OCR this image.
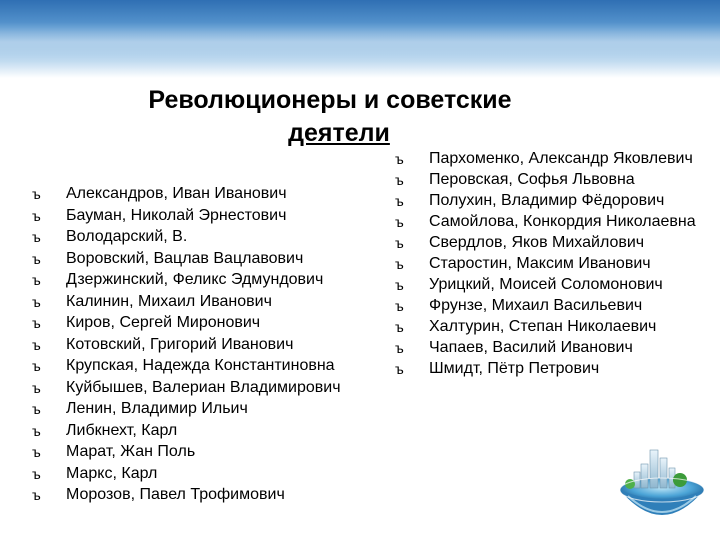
Революционеры и советские
деятели
ъ	Александров, Иван Иванович
ъ	Бауман, Николай Эрнестович
ъ	Володарский, В.
ъ	Воровский, Вацлав Вацлавович
ъ	Дзержинский, Феликс Эдмундович
ъ	Калинин, Михаил Иванович
ъ	Киров, Сергей Миронович
ъ	Котовский, Григорий Иванович
ъ	Крупская, Надежда Константиновна
ъ	Куйбышев, Валериан Владимирович
ъ	Ленин, Владимир Ильич
ъ	Либкнехт, Карл
ъ	Марат, Жан Поль
ъ	Маркс, Карл
ъ	Морозов, Павел Трофимович
ъ	Пархоменко, Александр Яковлевич
ъ	Перовская, Софья Львовна
ъ	Полухин, Владимир Фёдорович
ъ	Самойлова, Конкордия Николаевна
ъ	Свердлов, Яков Михайлович
ъ	Старостин, Максим Иванович
ъ	Урицкий, Моисей Соломонович
ъ	Фрунзе, Михаил Васильевич
ъ	Халтурин, Степан Николаевич
ъ	Чапаев, Василий Иванович
ъ	Шмидт, Пётр Петрович
